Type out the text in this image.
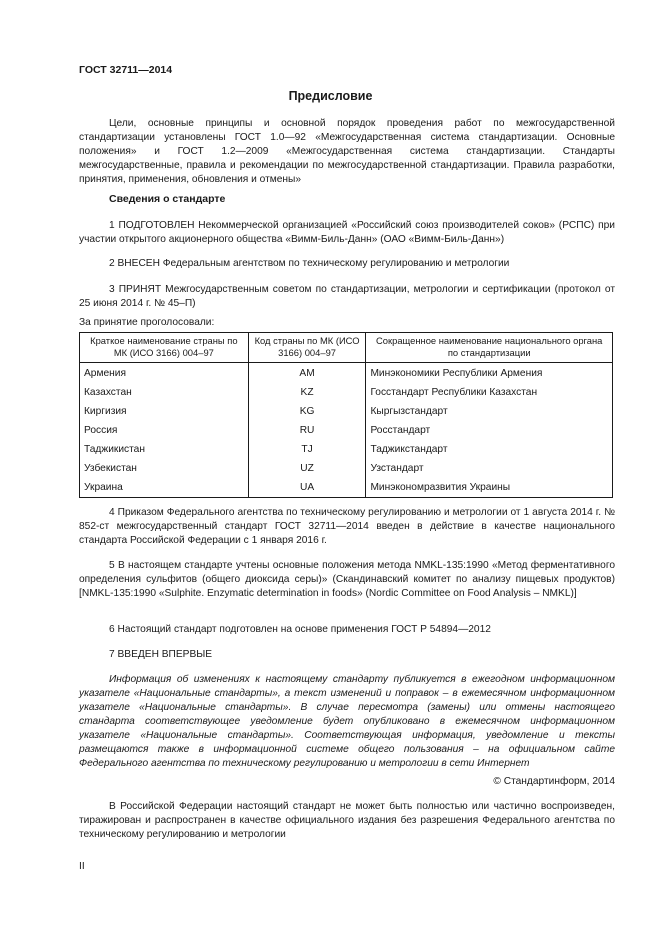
ГОСТ 32711—2014
Предисловие

Цели, основные принципы и основной порядок проведения работ по межгосударственной стандартизации установлены ГОСТ 1.0—92 «Межгосударственная система стандартизации. Основные положения» и ГОСТ 1.2—2009 «Межгосударственная система стандартизации. Стандарты межгосударственные, правила и рекомендации по межгосударственной стандартизации. Правила разработки, принятия, применения, обновления и отмены»

Сведения о стандарте

1 ПОДГОТОВЛЕН Некоммерческой организацией «Российский союз производителей соков» (РСПС) при участии открытого акционерного общества «Вимм-Биль-Данн» (ОАО «Вимм-Биль-Данн»)

2 ВНЕСЕН Федеральным агентством по техническому регулированию и метрологии

3 ПРИНЯТ Межгосударственным советом по стандартизации, метрологии и сертификации (протокол от 25 июня 2014 г. № 45–П)

За принятие проголосовали:
Краткое наименование страны по МК (ИСО 3166) 004–97	Код страны по МК (ИСО 3166) 004–97	Сокращенное наименование национального органа по стандартизации
Армения	AM	Минэкономики Республики Армения
Казахстан	KZ	Госстандарт Республики Казахстан
Киргизия	KG	Кыргызстандарт
Россия	RU	Росстандарт
Таджикистан	TJ	Таджикстандарт
Узбекистан	UZ	Узстандарт
Украина	UA	Минэкономразвития Украины

4 Приказом Федерального агентства по техническому регулированию и метрологии от 1 августа 2014 г. № 852-ст межгосударственный стандарт ГОСТ 32711—2014 введен в действие в качестве национального стандарта Российской Федерации с 1 января 2016 г.

5 В настоящем стандарте учтены основные положения метода NMKL-135:1990 «Метод ферментативного определения сульфитов (общего диоксида серы)» (Скандинавский комитет по анализу пищевых продуктов) [NMKL-135:1990 «Sulphite. Enzymatic determination in foods» (Nordic Committee on Food Analysis – NMKL)]

6 Настоящий стандарт подготовлен на основе применения ГОСТ Р 54894—2012

7 ВВЕДЕН ВПЕРВЫЕ

Информация об изменениях к настоящему стандарту публикуется в ежегодном информационном указателе «Национальные стандарты», а текст изменений и поправок – в ежемесячном информационном указателе «Национальные стандарты». В случае пересмотра (замены) или отмены настоящего стандарта соответствующее уведомление будет опубликовано в ежемесячном информационном указателе «Национальные стандарты». Соответствующая информация, уведомление и тексты размещаются также в информационной системе общего пользования – на официальном сайте Федерального агентства по техническому регулированию и метрологии в сети Интернет

© Стандартинформ, 2014

В Российской Федерации настоящий стандарт не может быть полностью или частично воспроизведен, тиражирован и распространен в качестве официального издания без разрешения Федерального агентства по техническому регулированию и метрологии

II
